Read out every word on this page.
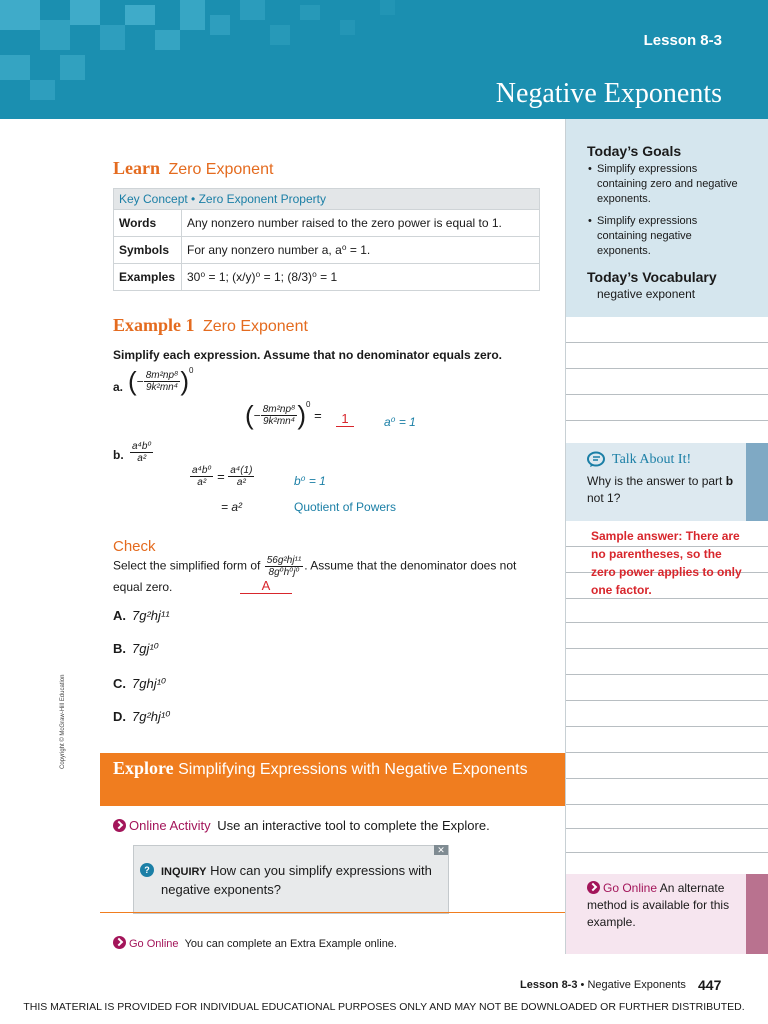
Lesson 8-3
Negative Exponents
Today’s Goals
• Simplify expressions containing zero and negative exponents.
• Simplify expressions containing negative exponents.
Today’s Vocabulary
negative exponent
Talk About It!
Why is the answer to part b not 1?
Sample answer: There are no parentheses, so the zero power applies to only one factor.
Go Online An alternate method is available for this example.
Learn Zero Exponent
Key Concept • Zero Exponent Property	
Words	Any nonzero number raised to the zero power is equal to 1.
Symbols	For any nonzero number a, a⁰ = 1.
Examples	30⁰ = 1; (x/y)⁰ = 1; (8/3)⁰ = 1
Example 1 Zero Exponent
Simplify each expression. Assume that no denominator equals zero.
a. (− $\frac{\text{8m²np⁸}}{\text{9k²mn⁴}} )^0$
(− $\frac{\text{8m²np⁸}}{\text{9k²mn⁴}} )^0$ =	1	a⁰ = 1
b. $\frac{\text{a⁴b⁰}}{\text{a²}}$
$\frac{\text{a⁴b⁰}}{\text{a²}} = \frac{\text{a⁴(1)}}{\text{a²}}$	b⁰ = 1
= a²	Quotient of Powers
Check
Select the simplified form of $\frac{\text{56g²hj¹¹}}{\text{8g⁰h⁰j⁰}}$ . Assume that the denominator does not equal zero.	A
A. 7g²hj¹¹
B. 7gj¹⁰
C. 7ghj¹⁰
D. 7g²hj¹⁰
Explore Simplifying Expressions with Negative Exponents
Online Activity Use an interactive tool to complete the Explore.
✕
?	INQUIRY How can you simplify expressions with negative exponents?
Go Online You can complete an Extra Example online.
Copyright © McGraw-Hill Education
Lesson 8-3 • Negative Exponents 447
THIS MATERIAL IS PROVIDED FOR INDIVIDUAL EDUCATIONAL PURPOSES ONLY AND MAY NOT BE DOWNLOADED OR FURTHER DISTRIBUTED.
